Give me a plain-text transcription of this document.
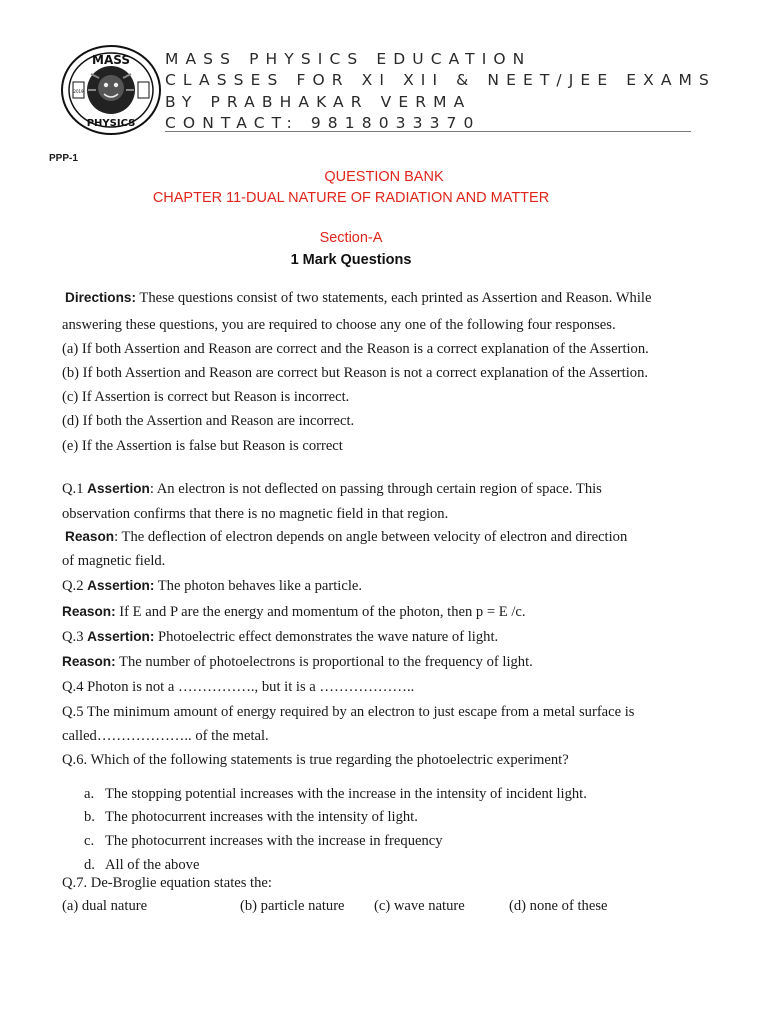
MASS
PHYSICS
2019
MASS PHYSICS EDUCATION
CLASSES FOR XI XII & NEET/JEE EXAMS
BY PRABHAKAR VERMA
CONTACT: 9818033370
PPP-1
QUESTION BANK
CHAPTER 11-DUAL NATURE OF RADIATION AND MATTER
Section-A
1 Mark Questions
Directions: These questions consist of two statements, each printed as Assertion and Reason. While
answering these questions, you are required to choose any one of the following four responses.
(a) If both Assertion and Reason are correct and the Reason is a correct explanation of the Assertion.
(b) If both Assertion and Reason are correct but Reason is not a correct explanation of the Assertion.
(c) If Assertion is correct but Reason is incorrect.
(d) If both the Assertion and Reason are incorrect.
(e) If the Assertion is false but Reason is correct
Q.1 Assertion: An electron is not deflected on passing through certain region of space. This
observation confirms that there is no magnetic field in that region.
Reason: The deflection of electron depends on angle between velocity of electron and direction
of magnetic field.
Q.2 Assertion: The photon behaves like a particle.
Reason: If E and P are the energy and momentum of the photon, then p = E /c.
Q.3 Assertion: Photoelectric effect demonstrates the wave nature of light.
Reason: The number of photoelectrons is proportional to the frequency of light.
Q.4 Photon is not a ……………., but it is a ………………..
Q.5 The minimum amount of energy required by an electron to just escape from a metal surface is
called……………….. of the metal.
Q.6. Which of the following statements is true regarding the photoelectric experiment?
a. The stopping potential increases with the increase in the intensity of incident light.
b. The photocurrent increases with the intensity of light.
c. The photocurrent increases with the increase in frequency
d. All of the above
Q.7. De-Broglie equation states the:
(a) dual nature	(b) particle nature (c) wave nature	(d) none of these
